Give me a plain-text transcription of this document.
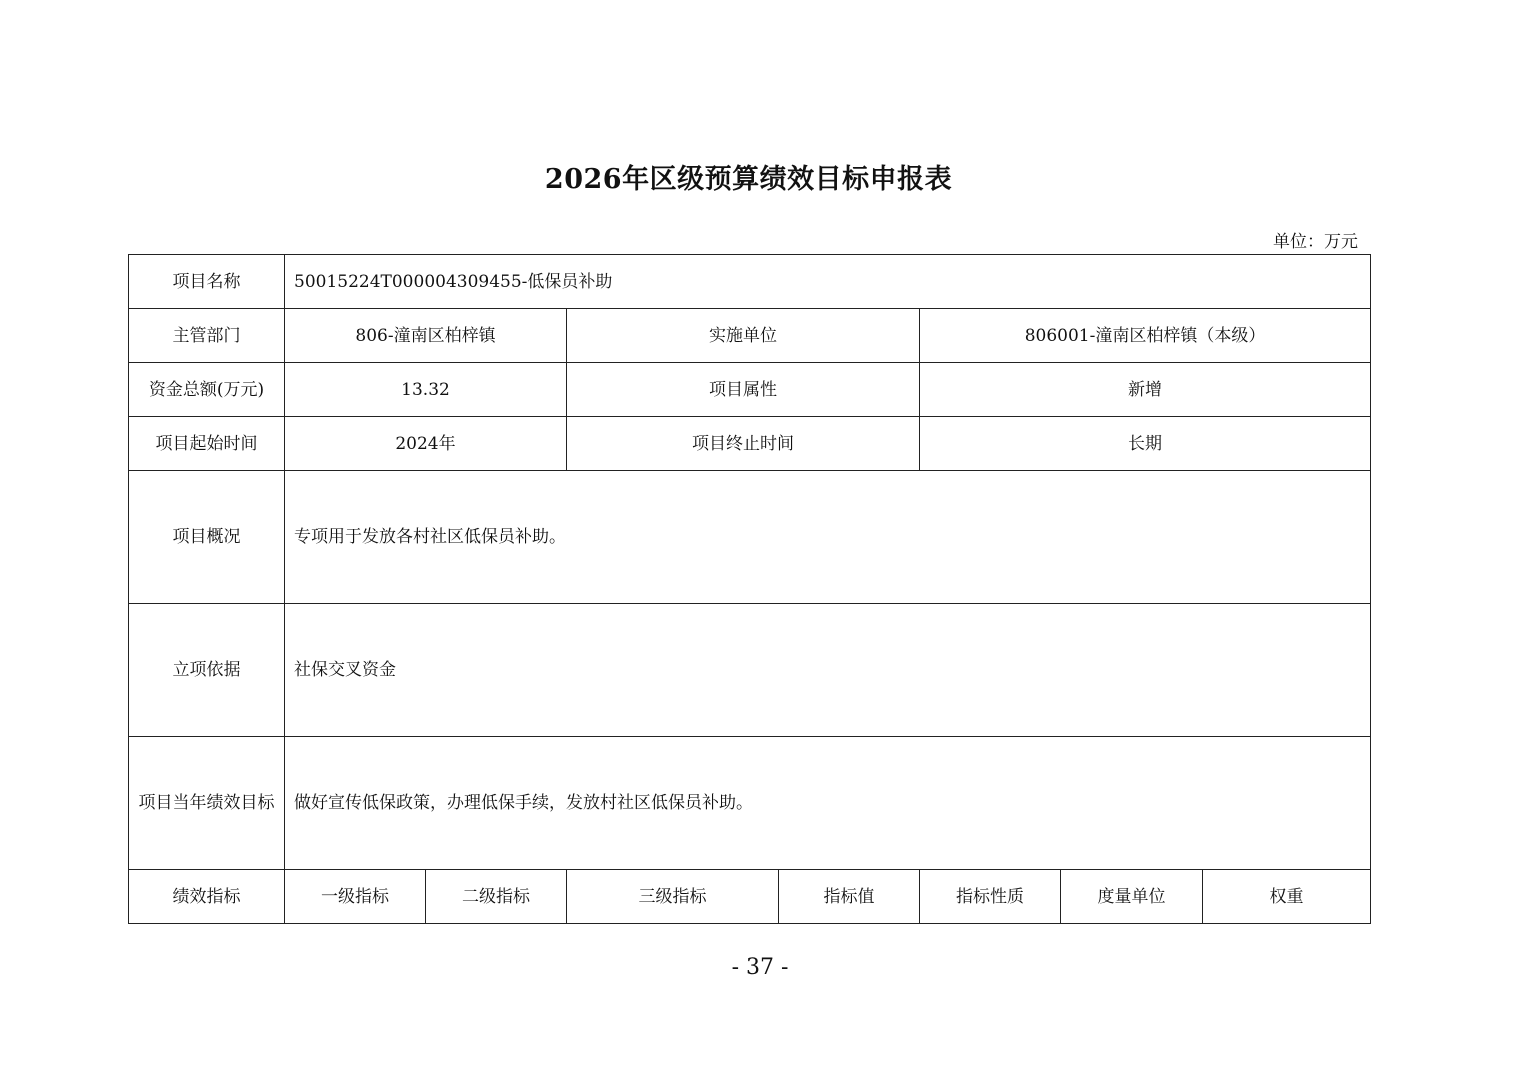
2026年区级预算绩效目标申报表
单位：万元
项目名称	50015224T000004309455-低保员补助						
主管部门	806-潼南区柏梓镇		实施单位		806001-潼南区柏梓镇（本级）		
资金总额(万元)	13.32		项目属性		新增		
项目起始时间	2024年		项目终止时间		长期		
项目概况	专项用于发放各村社区低保员补助。						
立项依据	社保交叉资金						
项目当年绩效目标	做好宣传低保政策，办理低保手续，发放村社区低保员补助。						
绩效指标	一级指标	二级指标	三级指标	指标值	指标性质	度量单位	权重
- 37 -
